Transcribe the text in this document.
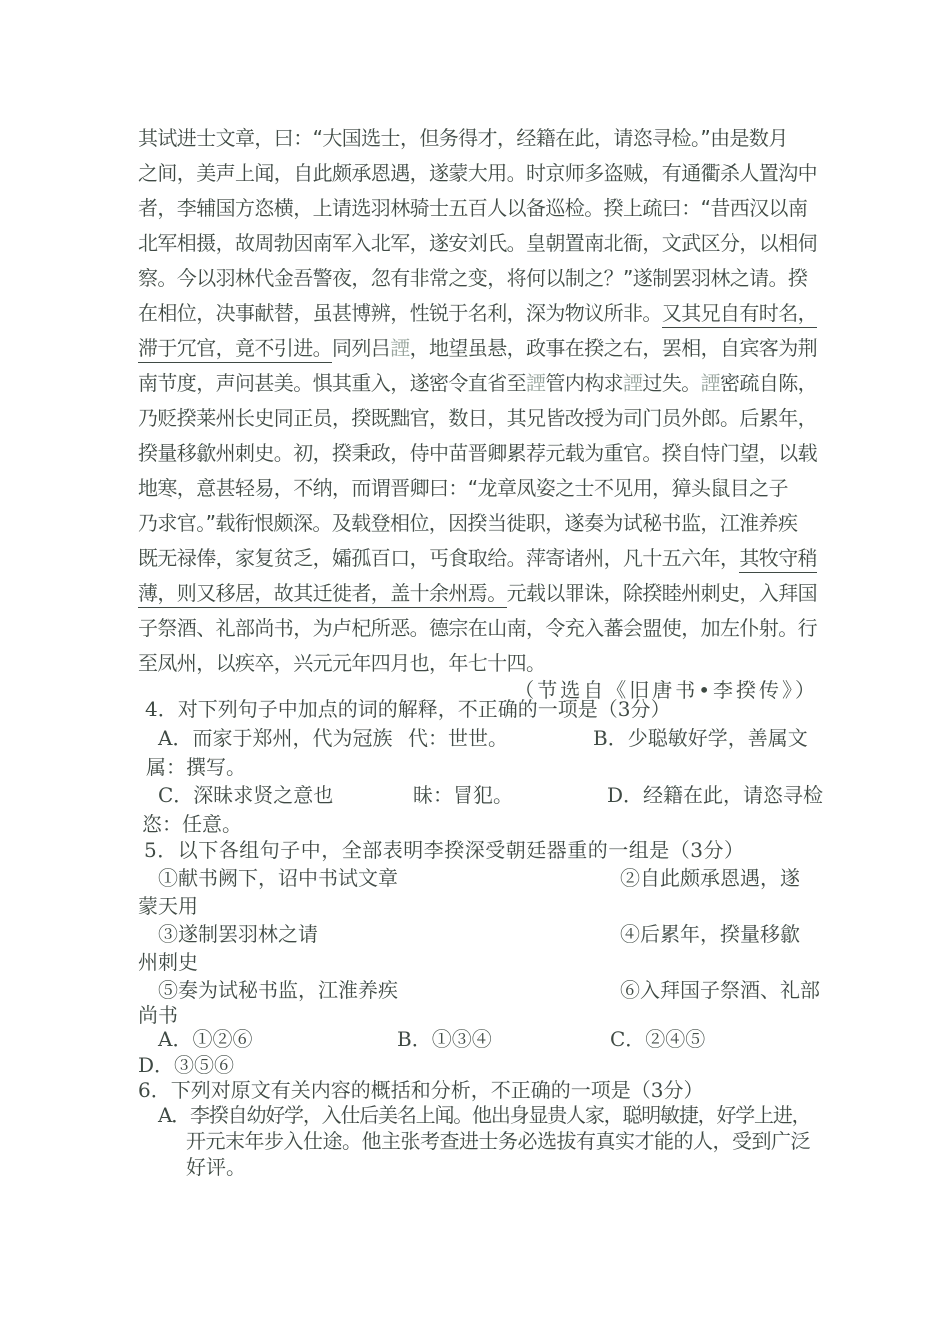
其试进士文章，曰：“大国选士，但务得才，经籍在此，请恣寻检。”由是数月
之间，美声上闻，自此颇承恩遇，遂蒙大用。时京师多盗贼，有通衢杀人置沟中
者，李辅国方恣横，上请选羽林骑士五百人以备巡检。揆上疏曰：“昔西汉以南
北军相摄，故周勃因南军入北军，遂安刘氏。皇朝置南北衙，文武区分，以相伺
察。今以羽林代金吾警夜，忽有非常之变，将何以制之？”遂制罢羽林之请。揆
在相位，决事献替，虽甚博辨，性锐于名利，深为物议所非。又其兄自有时名，
滞于冗官，竟不引进。同列吕諲，地望虽悬，政事在揆之右，罢相，自宾客为荆
南节度，声问甚美。惧其重入，遂密令直省至諲管内构求諲过失。諲密疏自陈，
乃贬揆莱州长史同正员，揆既黜官，数日，其兄皆改授为司门员外郎。后累年，
揆量移歙州刺史。初，揆秉政，侍中苗晋卿累荐元载为重官。揆自恃门望，以载
地寒，意甚轻易，不纳，而谓晋卿曰：“龙章凤姿之士不见用，獐头鼠目之子
乃求官。”载衔恨颇深。及载登相位，因揆当徙职，遂奏为试秘书监，江淮养疾
既无禄俸，家复贫乏，孀孤百口，丐食取给。萍寄诸州，凡十五六年，其牧守稍
薄，则又移居，故其迁徙者，盖十余州焉。元载以罪诛，除揆睦州刺史，入拜国
子祭酒、礼部尚书，为卢杞所恶。德宗在山南，令充入蕃会盟使，加左仆射。行
至凤州，以疾卒，兴元元年四月也，年七十四。
（节选自《旧唐书•李揆传》）
4．对下列句子中加点的词的解释，不正确的一项是（3分）
A．而家于郑州，代为冠族 代：世世。	B．少聪敏好学，善属文
属：撰写。
C．深昧求贤之意也	昧：冒犯。	D．经籍在此，请恣寻检
恣：任意。
5．以下各组句子中，全部表明李揆深受朝廷器重的一组是（3分）
①献书阙下，诏中书试文章	②自此颇承恩遇，遂
蒙天用
③遂制罢羽林之请	④后累年，揆量移歙
州刺史
⑤奏为试秘书监，江淮养疾	⑥入拜国子祭酒、礼部
尚书
A．①②⑥	B．①③④	C．②④⑤
D．③⑤⑥
6．下列对原文有关内容的概括和分析，不正确的一项是（3分）
A．李揆自幼好学，入仕后美名上闻。他出身显贵人家，聪明敏捷，好学上进，
开元末年步入仕途。他主张考查进士务必选拔有真实才能的人，受到广泛
好评。
